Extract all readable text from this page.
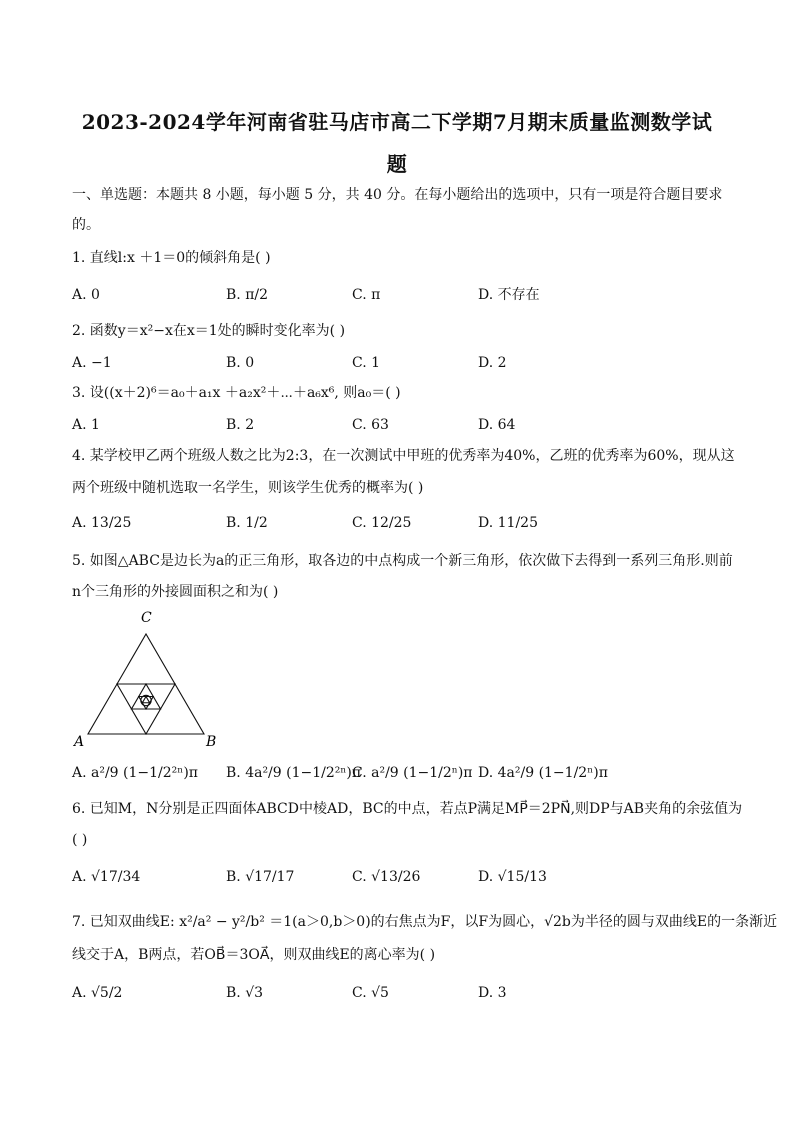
2023-2024学年河南省驻马店市高二下学期7月期末质量监测数学试
题
一、单选题：本题共 8 小题，每小题 5 分，共 40 分。在每小题给出的选项中，只有一项是符合题目要求
的。
1. 直线l:x ＋1＝0的倾斜角是( )
A. 0	B. π/2	C. π	D. 不存在
2. 函数y＝x²−x在x＝1处的瞬时变化率为( )
A. −1	B. 0	C. 1	D. 2
3. 设((x＋2)⁶＝a₀＋a₁x ＋a₂x²＋⋯＋a₆x⁶, 则a₀＝( )
A. 1	B. 2	C. 63	D. 64
4. 某学校甲乙两个班级人数之比为2:3，在一次测试中甲班的优秀率为40%，乙班的优秀率为60%，现从这
两个班级中随机选取一名学生，则该学生优秀的概率为( )
A. 13/25	B. 1/2	C. 12/25	D. 11/25
5. 如图△ABC是边长为a的正三角形，取各边的中点构成一个新三角形，依次做下去得到一系列三角形.则前
n个三角形的外接圆面积之和为( )
A	B
C
A. a²/9 (1−1/2²ⁿ)π B. 4a²/9 (1−1/2²ⁿ)π
C. a²/9 (1−1/2ⁿ)π D. 4a²/9 (1−1/2ⁿ)π
6. 已知M，N分别是正四面体ABCD中棱AD，BC的中点，若点P满足MP⃗＝2PN⃗,则DP与AB夹角的余弦值为
( )
A. √17/34	B. √17/17	C. √13/26	D. √15/13
7. 已知双曲线E: x²/a² − y²/b² ＝1(a＞0,b＞0)的右焦点为F，以F为圆心，√2b为半径的圆与双曲线E的一条渐近
线交于A，B两点，若OB⃗＝3OA⃗，则双曲线E的离心率为( )
A. √5/2	B. √3	C. √5	D. 3
